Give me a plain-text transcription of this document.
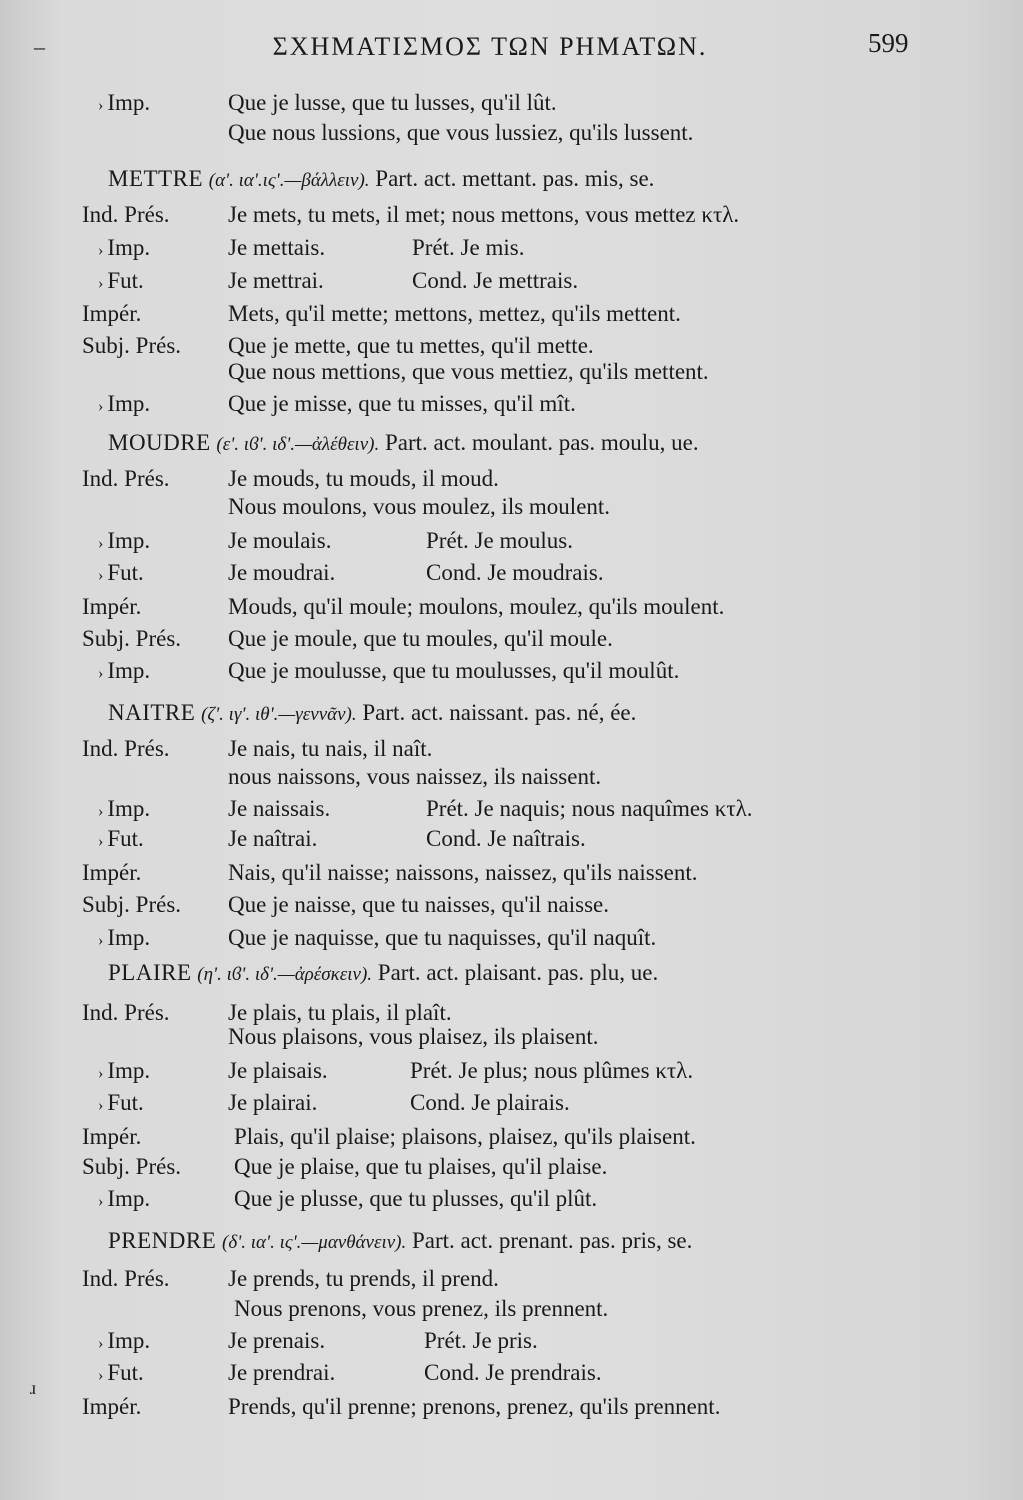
–	ΣΧΗΜΑΤΙΣΜΟΣ ΤΩΝ ΡΗΜΑΤΩΝ.	599
› Imp.	Que je lusse, que tu lusses, qu'il lût.
Que nous lussions, que vous lussiez, qu'ils lussent.
METTRE (α'. ια'.ις'.—βάλλειν). Part. act. mettant. pas. mis, se.
Ind. Prés.	Je mets, tu mets, il met; nous mettons, vous mettez κτλ.
› Imp.	Je mettais.	Prét. Je mis.
› Fut.	Je mettrai.	Cond. Je mettrais.
Impér.	Mets, qu'il mette; mettons, mettez, qu'ils mettent.
Subj. Prés.	Que je mette, que tu mettes, qu'il mette.
Que nous mettions, que vous mettiez, qu'ils mettent.
› Imp.	Que je misse, que tu misses, qu'il mît.
MOUDRE (ε'. ιϐ'. ιδ'.—ἀλέθειν). Part. act. moulant. pas. moulu, ue.
Ind. Prés.	Je mouds, tu mouds, il moud.
Nous moulons, vous moulez, ils moulent.
› Imp.	Je moulais.	Prét. Je moulus.
› Fut.	Je moudrai.	Cond. Je moudrais.
Impér.	Mouds, qu'il moule; moulons, moulez, qu'ils moulent.
Subj. Prés.	Que je moule, que tu moules, qu'il moule.
› Imp.	Que je moulusse, que tu moulusses, qu'il moulût.
NAITRE (ζ'. ιγ'. ιθ'.—γεννᾶν). Part. act. naissant. pas. né, ée.
Ind. Prés.	Je nais, tu nais, il naît.
nous naissons, vous naissez, ils naissent.
› Imp.	Je naissais.	Prét. Je naquis; nous naquîmes κτλ.
› Fut.	Je naîtrai.	Cond. Je naîtrais.
Impér.	Nais, qu'il naisse; naissons, naissez, qu'ils naissent.
Subj. Prés.	Que je naisse, que tu naisses, qu'il naisse.
› Imp.	Que je naquisse, que tu naquisses, qu'il naquît.
PLAIRE (η'. ιϐ'. ιδ'.—ἀρέσκειν). Part. act. plaisant. pas. plu, ue.
Ind. Prés.	Je plais, tu plais, il plaît.
Nous plaisons, vous plaisez, ils plaisent.
› Imp.	Je plaisais.	Prét. Je plus; nous plûmes κτλ.
› Fut.	Je plairai.	Cond. Je plairais.
Impér.	Plais, qu'il plaise; plaisons, plaisez, qu'ils plaisent.
Subj. Prés.	Que je plaise, que tu plaises, qu'il plaise.
› Imp.	Que je plusse, que tu plusses, qu'il plût.
PRENDRE (δ'. ια'. ις'.—μανθάνειν). Part. act. prenant. pas. pris, se.
Ind. Prés.	Je prends, tu prends, il prend.
Nous prenons, vous prenez, ils prennent.
› Imp.	Je prenais.	Prét. Je pris.
› Fut.	Je prendrai.	Cond. Je prendrais.
Impér.	Prends, qu'il prenne; prenons, prenez, qu'ils prennent.
ɹ
